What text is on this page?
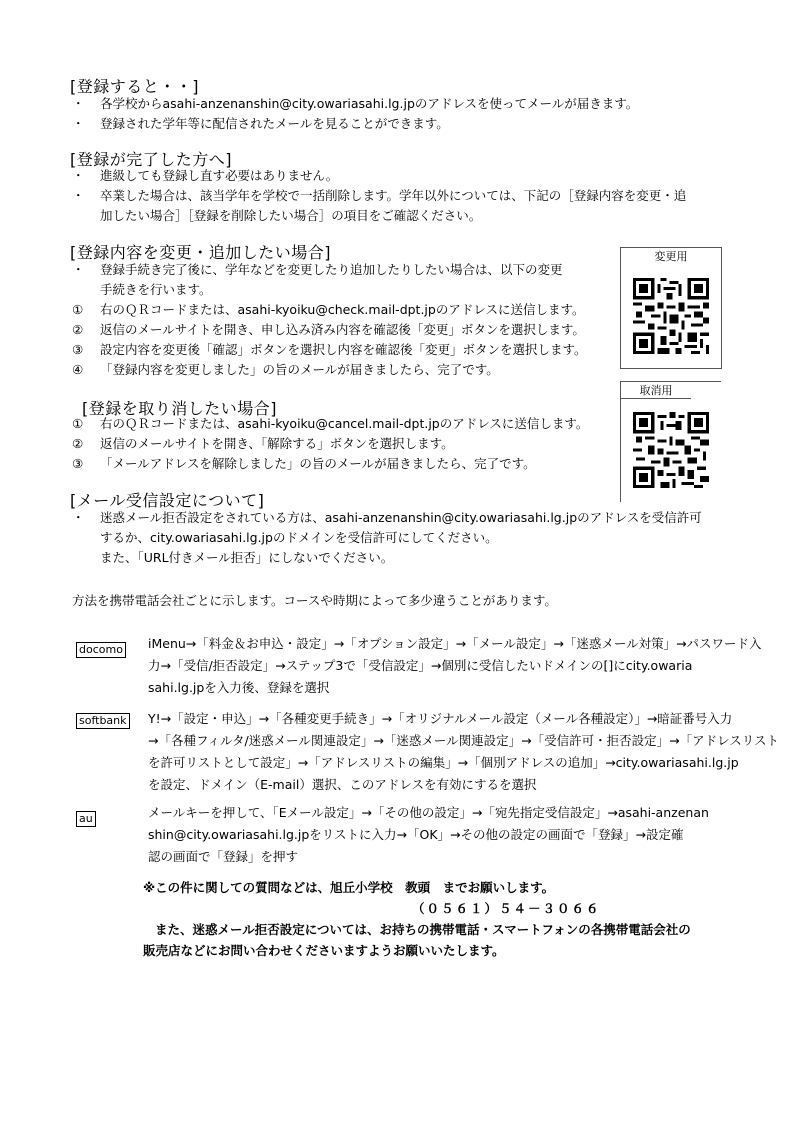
[登録すると・・]
・ 各学校からasahi-anzenanshin@city.owariasahi.lg.jpのアドレスを使ってメールが届きます。
・ 登録された学年等に配信されたメールを見ることができます。
[登録が完了した方へ]
・ 進級しても登録し直す必要はありません。
・ 卒業した場合は、該当学年を学校で一括削除します。学年以外については、下記の［登録内容を変更・追
加したい場合］［登録を削除したい場合］の項目をご確認ください。
[登録内容を変更・追加したい場合]
・ 登録手続き完了後に、学年などを変更したり追加したりしたい場合は、以下の変更
手続きを行います。
① 右のＱＲコードまたは、asahi-kyoiku@check.mail-dpt.jpのアドレスに送信します。
② 返信のメールサイトを開き、申し込み済み内容を確認後「変更」ボタンを選択します。
③ 設定内容を変更後「確認」ボタンを選択し内容を確認後「変更」ボタンを選択します。
④ 「登録内容を変更しました」の旨のメールが届きましたら、完了です。
変更用
[登録を取り消したい場合]
① 右のＱＲコードまたは、asahi-kyoiku@cancel.mail-dpt.jpのアドレスに送信します。
② 返信のメールサイトを開き、「解除する」ボタンを選択します。
③ 「メールアドレスを解除しました」の旨のメールが届きましたら、完了です。
取消用
[メール受信設定について]
・ 迷惑メール拒否設定をされている方は、asahi-anzenanshin@city.owariasahi.lg.jpのアドレスを受信許可
するか、city.owariasahi.lg.jpのドメインを受信許可にしてください。
また、「URL付きメール拒否」にしないでください。
方法を携帯電話会社ごとに示します。コースや時期によって多少違うことがあります。
docomo iMenu→「料金＆お申込・設定」→「オプション設定」→「メール設定」→「迷惑メール対策」→パスワード入
力→「受信/拒否設定」→ステップ3で「受信設定」→個別に受信したいドメインの[]にcity.owaria
sahi.lg.jpを入力後、登録を選択
softbank Y!→「設定・申込」→「各種変更手続き」→「オリジナルメール設定（メール各種設定）」→暗証番号入力
→「各種フィルタ/迷惑メール関連設定」→「迷惑メール関連設定」→「受信許可・拒否設定」→「アドレスリスト
を許可リストとして設定」→「アドレスリストの編集」→「個別アドレスの追加」→city.owariasahi.lg.jp
を設定、ドメイン（E-mail）選択、このアドレスを有効にするを選択
au	メールキーを押して、「Eメール設定」→「その他の設定」→「宛先指定受信設定」→asahi-anzenan
shin@city.owariasahi.lg.jpをリストに入力→「OK」→その他の設定の画面で「登録」→設定確
認の画面で「登録」を押す
※この件に関しての質問などは、旭丘小学校　教頭　までお願いします。
（０５６１）５４－３０６６
また、迷惑メール拒否設定については、お持ちの携帯電話・スマートフォンの各携帯電話会社の
販売店などにお問い合わせくださいますようお願いいたします。
